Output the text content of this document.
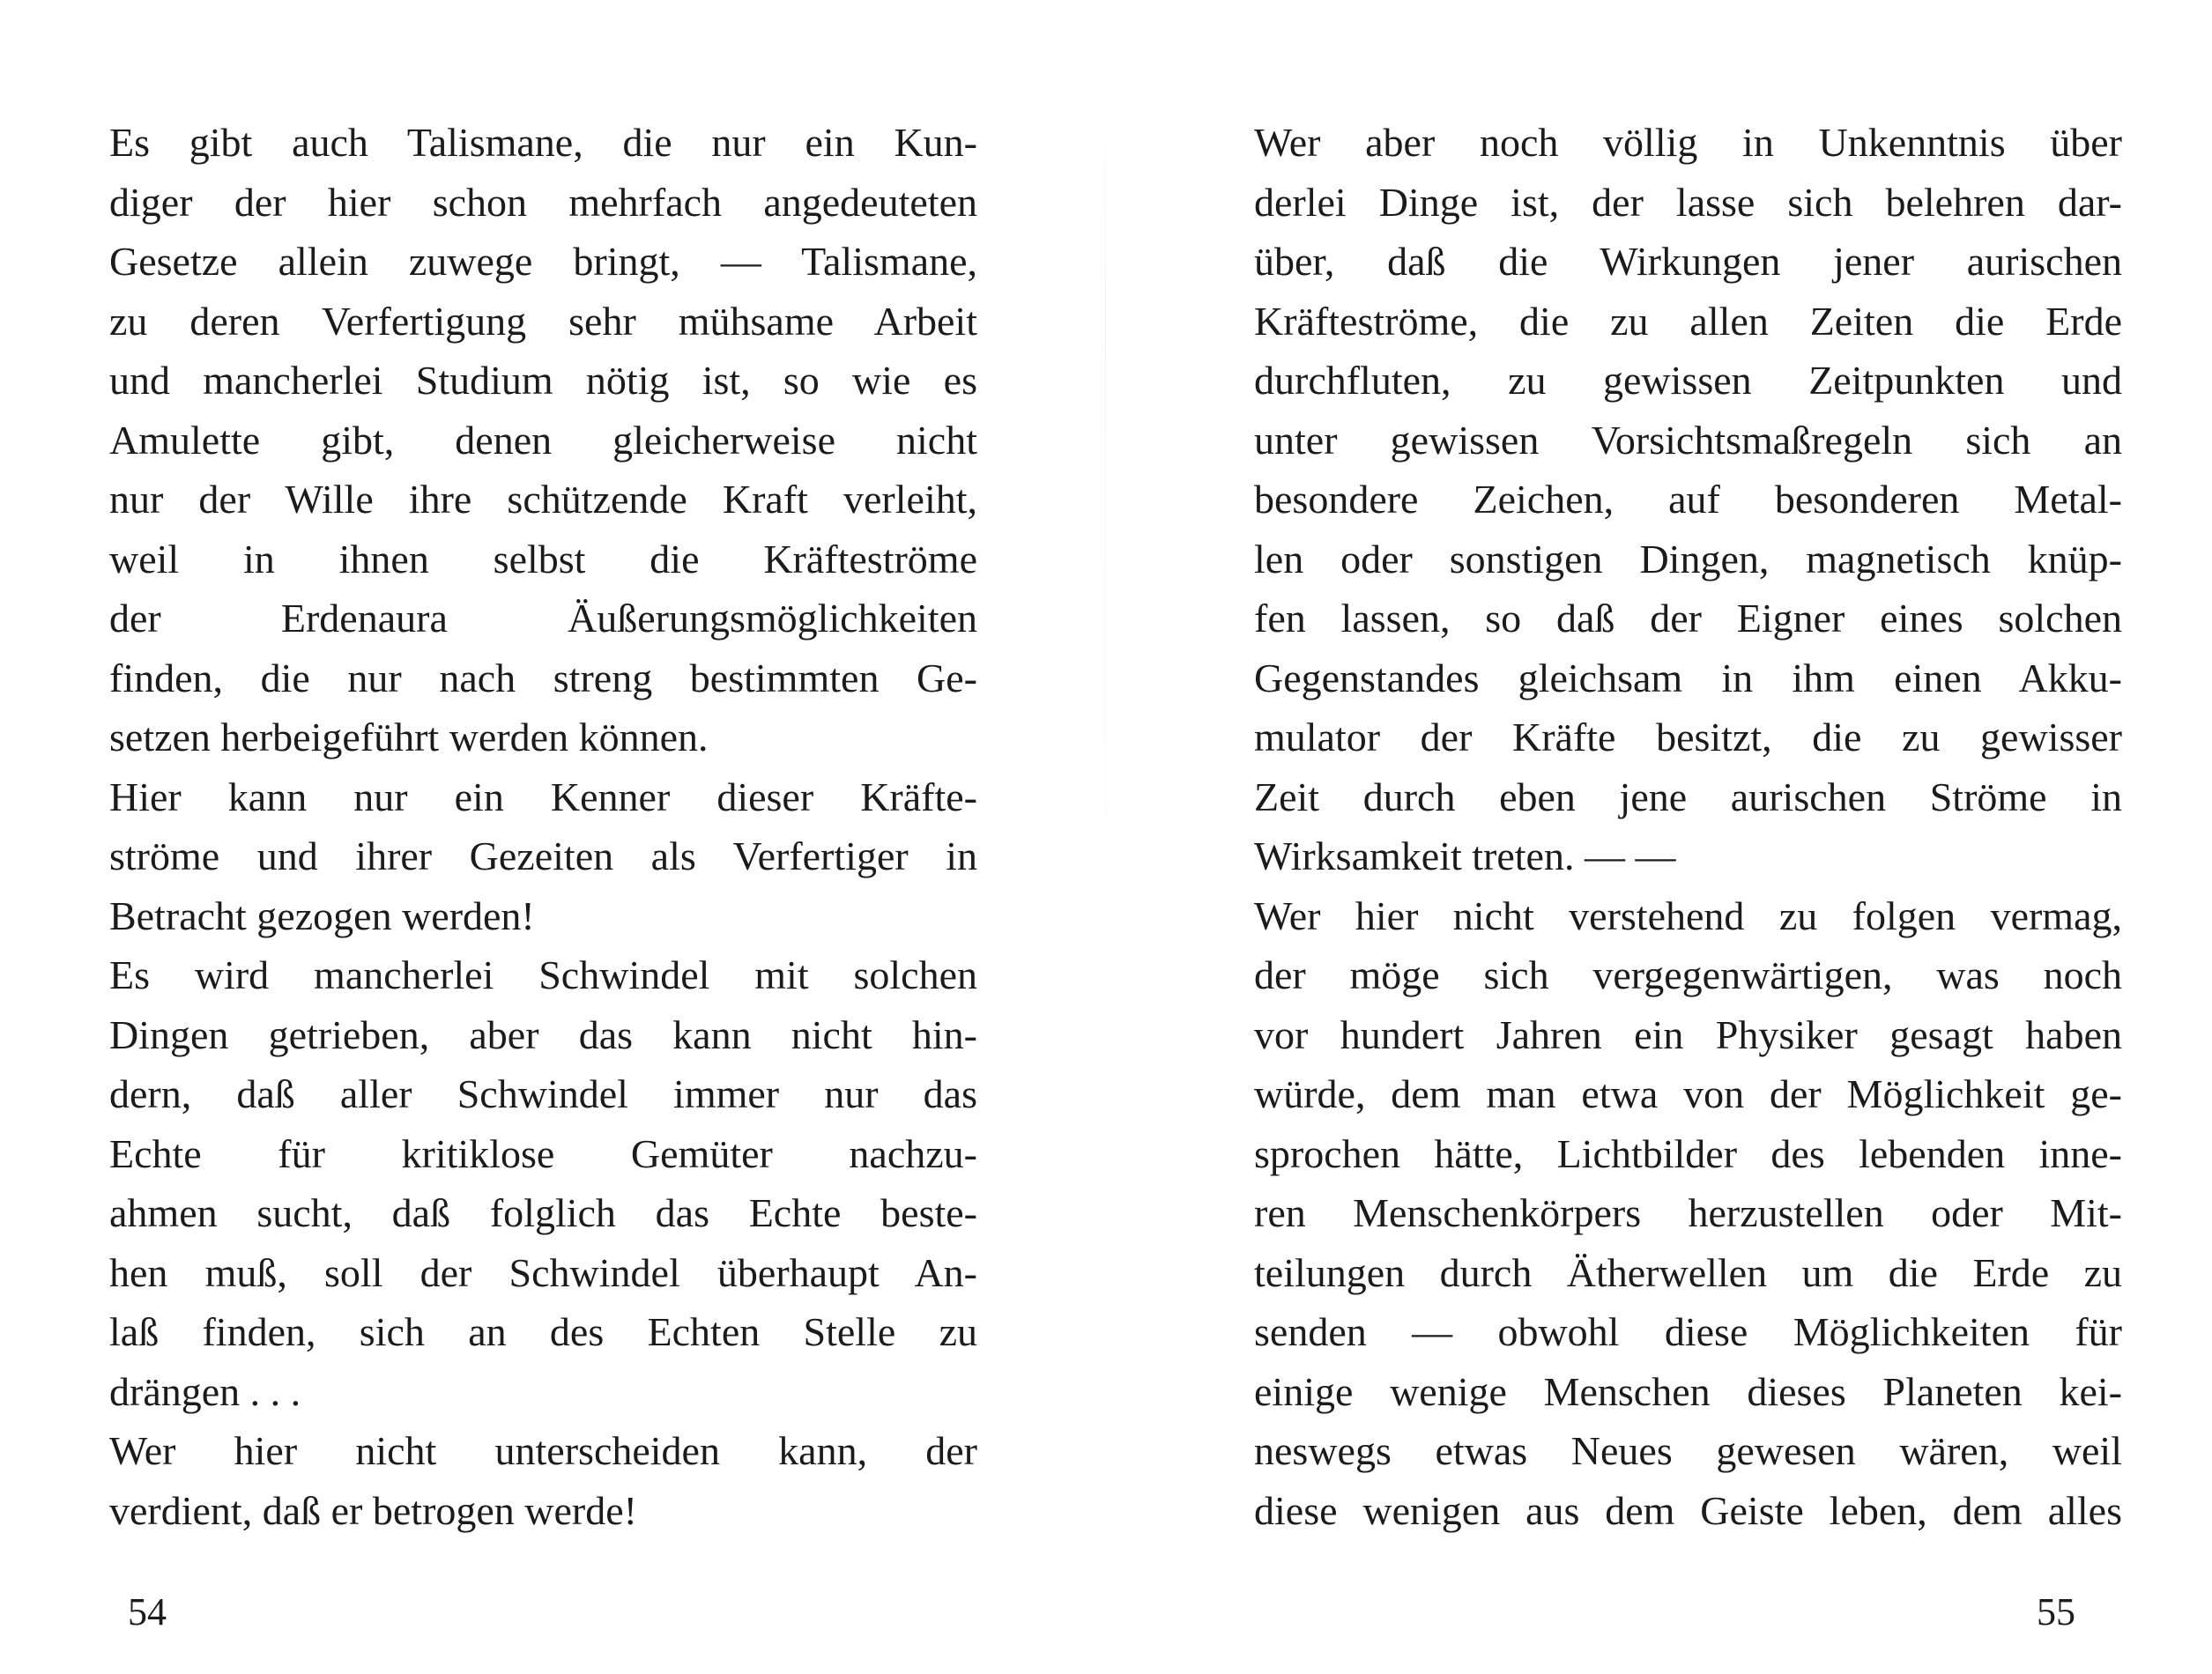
Es gibt auch Talismane, die nur ein Kun-
diger der hier schon mehrfach angedeuteten
Gesetze allein zuwege bringt, — Talismane,
zu deren Verfertigung sehr mühsame Arbeit
und mancherlei Studium nötig ist, so wie es
Amulette gibt, denen gleicherweise nicht
nur der Wille ihre schützende Kraft verleiht,
weil in ihnen selbst die Kräfteströme
der Erdenaura Äußerungsmöglichkeiten
finden, die nur nach streng bestimmten Ge-
setzen herbeigeführt werden können.
Hier kann nur ein Kenner dieser Kräfte-
ströme und ihrer Gezeiten als Verfertiger in
Betracht gezogen werden!
Es wird mancherlei Schwindel mit solchen
Dingen getrieben, aber das kann nicht hin-
dern, daß aller Schwindel immer nur das
Echte für kritiklose Gemüter nachzu-
ahmen sucht, daß folglich das Echte beste-
hen muß, soll der Schwindel überhaupt An-
laß finden, sich an des Echten Stelle zu
drängen . . .
Wer hier nicht unterscheiden kann, der
verdient, daß er betrogen werde!
54
Wer aber noch völlig in Unkenntnis über
derlei Dinge ist, der lasse sich belehren dar-
über, daß die Wirkungen jener aurischen
Kräfteströme, die zu allen Zeiten die Erde
durchfluten, zu gewissen Zeitpunkten und
unter gewissen Vorsichtsmaßregeln sich an
besondere Zeichen, auf besonderen Metal-
len oder sonstigen Dingen, magnetisch knüp-
fen lassen, so daß der Eigner eines solchen
Gegenstandes gleichsam in ihm einen Akku-
mulator der Kräfte besitzt, die zu gewisser
Zeit durch eben jene aurischen Ströme in
Wirksamkeit treten. — —
Wer hier nicht verstehend zu folgen vermag,
der möge sich vergegenwärtigen, was noch
vor hundert Jahren ein Physiker gesagt haben
würde, dem man etwa von der Möglichkeit ge-
sprochen hätte, Lichtbilder des lebenden inne-
ren Menschenkörpers herzustellen oder Mit-
teilungen durch Ätherwellen um die Erde zu
senden — obwohl diese Möglichkeiten für
einige wenige Menschen dieses Planeten kei-
neswegs etwas Neues gewesen wären, weil
diese wenigen aus dem Geiste leben, dem alles
55
